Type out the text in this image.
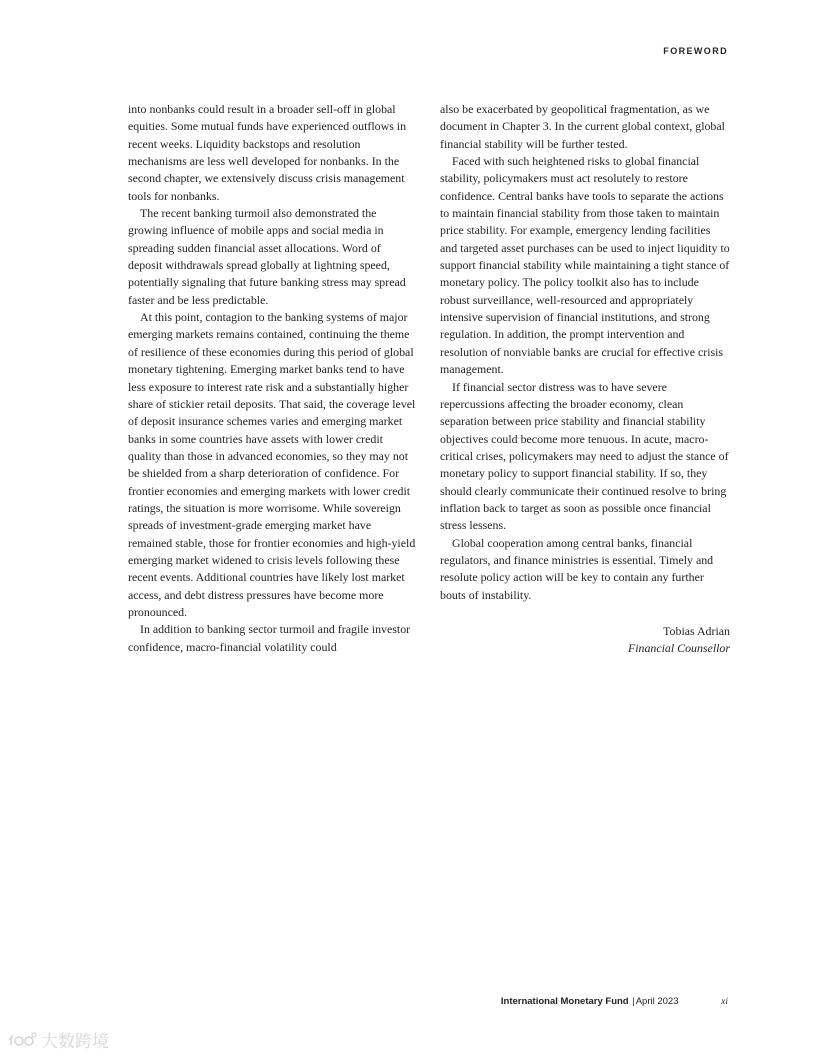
FOREWORD

into nonbanks could result in a broader sell-off in global equities. Some mutual funds have experienced outflows in recent weeks. Liquidity backstops and resolution mechanisms are less well developed for nonbanks. In the second chapter, we extensively discuss crisis management tools for nonbanks.

The recent banking turmoil also demonstrated the growing influence of mobile apps and social media in spreading sudden financial asset allocations. Word of deposit withdrawals spread globally at lightning speed, potentially signaling that future banking stress may spread faster and be less predictable.

At this point, contagion to the banking systems of major emerging markets remains contained, continuing the theme of resilience of these economies during this period of global monetary tightening. Emerging market banks tend to have less exposure to interest rate risk and a substantially higher share of stickier retail deposits. That said, the coverage level of deposit insurance schemes varies and emerging market banks in some countries have assets with lower credit quality than those in advanced economies, so they may not be shielded from a sharp deterioration of confidence. For frontier economies and emerging markets with lower credit ratings, the situation is more worrisome. While sovereign spreads of investment-grade emerging market have remained stable, those for frontier economies and high-yield emerging market widened to crisis levels following these recent events. Additional countries have likely lost market access, and debt distress pressures have become more pronounced.

In addition to banking sector turmoil and fragile investor confidence, macro-financial volatility could

also be exacerbated by geopolitical fragmentation, as we document in Chapter 3. In the current global context, global financial stability will be further tested.

Faced with such heightened risks to global financial stability, policymakers must act resolutely to restore confidence. Central banks have tools to separate the actions to maintain financial stability from those taken to maintain price stability. For example, emergency lending facilities and targeted asset purchases can be used to inject liquidity to support financial stability while maintaining a tight stance of monetary policy. The policy toolkit also has to include robust surveillance, well-resourced and appropriately intensive supervision of financial institutions, and strong regulation. In addition, the prompt intervention and resolution of nonviable banks are crucial for effective crisis management.

If financial sector distress was to have severe repercussions affecting the broader economy, clean separation between price stability and financial stability objectives could become more tenuous. In acute, macro-critical crises, policymakers may need to adjust the stance of monetary policy to support financial stability. If so, they should clearly communicate their continued resolve to bring inflation back to target as soon as possible once financial stress lessens.

Global cooperation among central banks, financial regulators, and finance ministries is essential. Timely and resolute policy action will be key to contain any further bouts of instability.

Tobias Adrian
Financial Counsellor
International Monetary Fund |April 2023	xi
大数跨境
